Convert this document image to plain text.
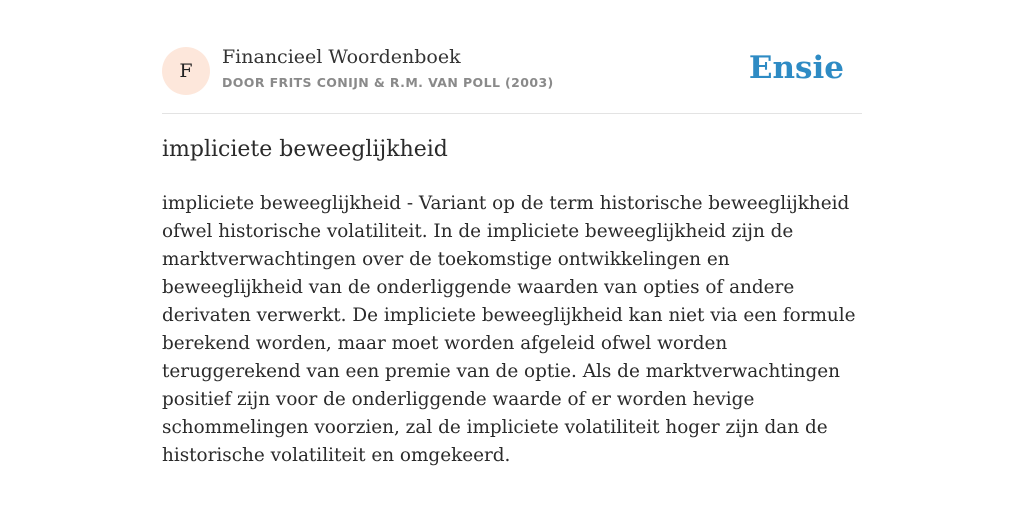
F
Financieel Woordenboek
DOOR FRITS CONIJN & R.M. VAN POLL (2003)	Ensie
impliciete beweeglijkheid

impliciete beweeglijkheid - Variant op de term historische beweeglijkheid ofwel historische volatiliteit. In de impliciete beweeglijkheid zijn de marktverwachtingen over de toekomstige ontwikkelingen en beweeglijkheid van de onderliggende waarden van opties of andere derivaten verwerkt. De impliciete beweeglijkheid kan niet via een formule berekend worden, maar moet worden afgeleid ofwel worden teruggerekend van een premie van de optie. Als de marktverwachtingen positief zijn voor de onderliggende waarde of er worden hevige schommelingen voorzien, zal de impliciete volatiliteit hoger zijn dan de historische volatiliteit en omgekeerd.
